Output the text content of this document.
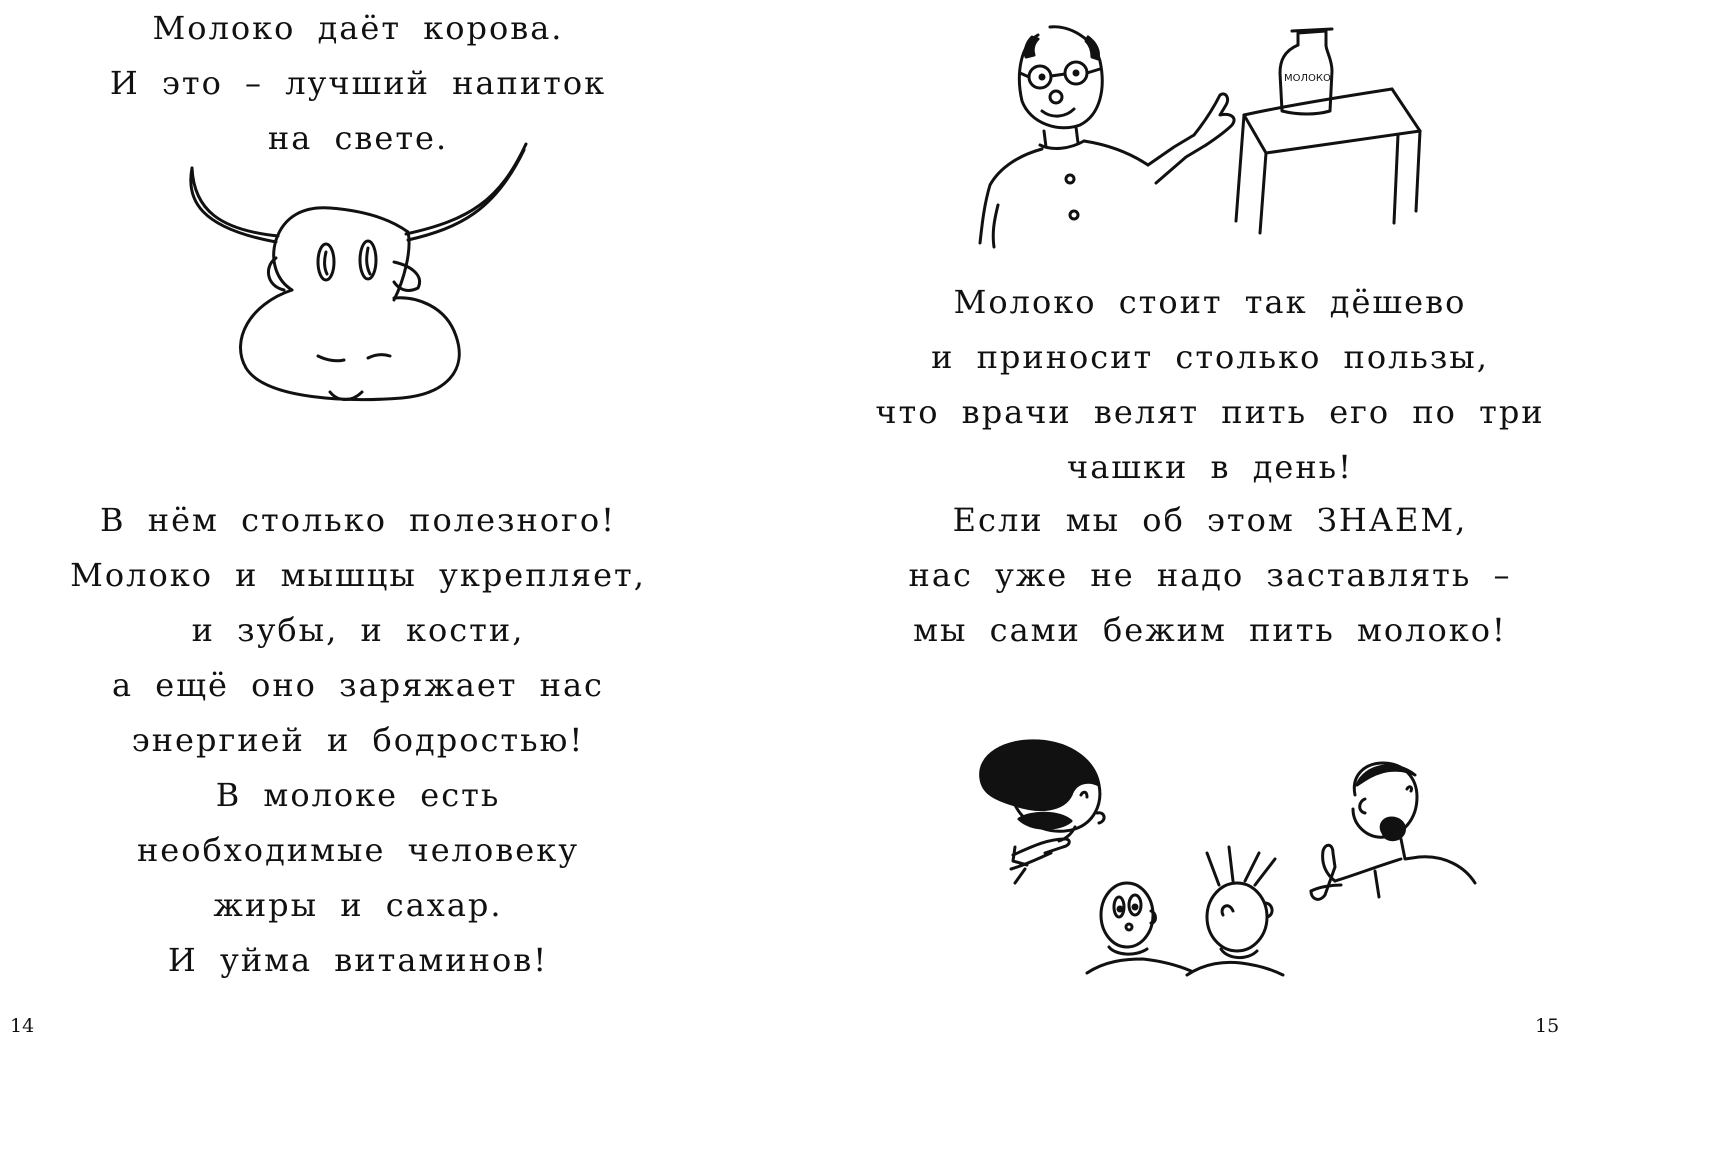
Молоко даёт корова.

И это – лучший напиток

на свете.

В нём столько полезного!

Молоко и мышцы укрепляет,

и зубы, и кости,

а ещё оно заряжает нас

энергией и бодростью!

В молоке есть

необходимые человеку

жиры и сахар.

И уйма витаминов!

14
МОЛОКО

Молоко стоит так дёшево

и приносит столько пользы,

что врачи велят пить его по три

чашки в день!

Если мы об этом ЗНАЕМ,

нас уже не надо заставлять –

мы сами бежим пить молоко!

15
